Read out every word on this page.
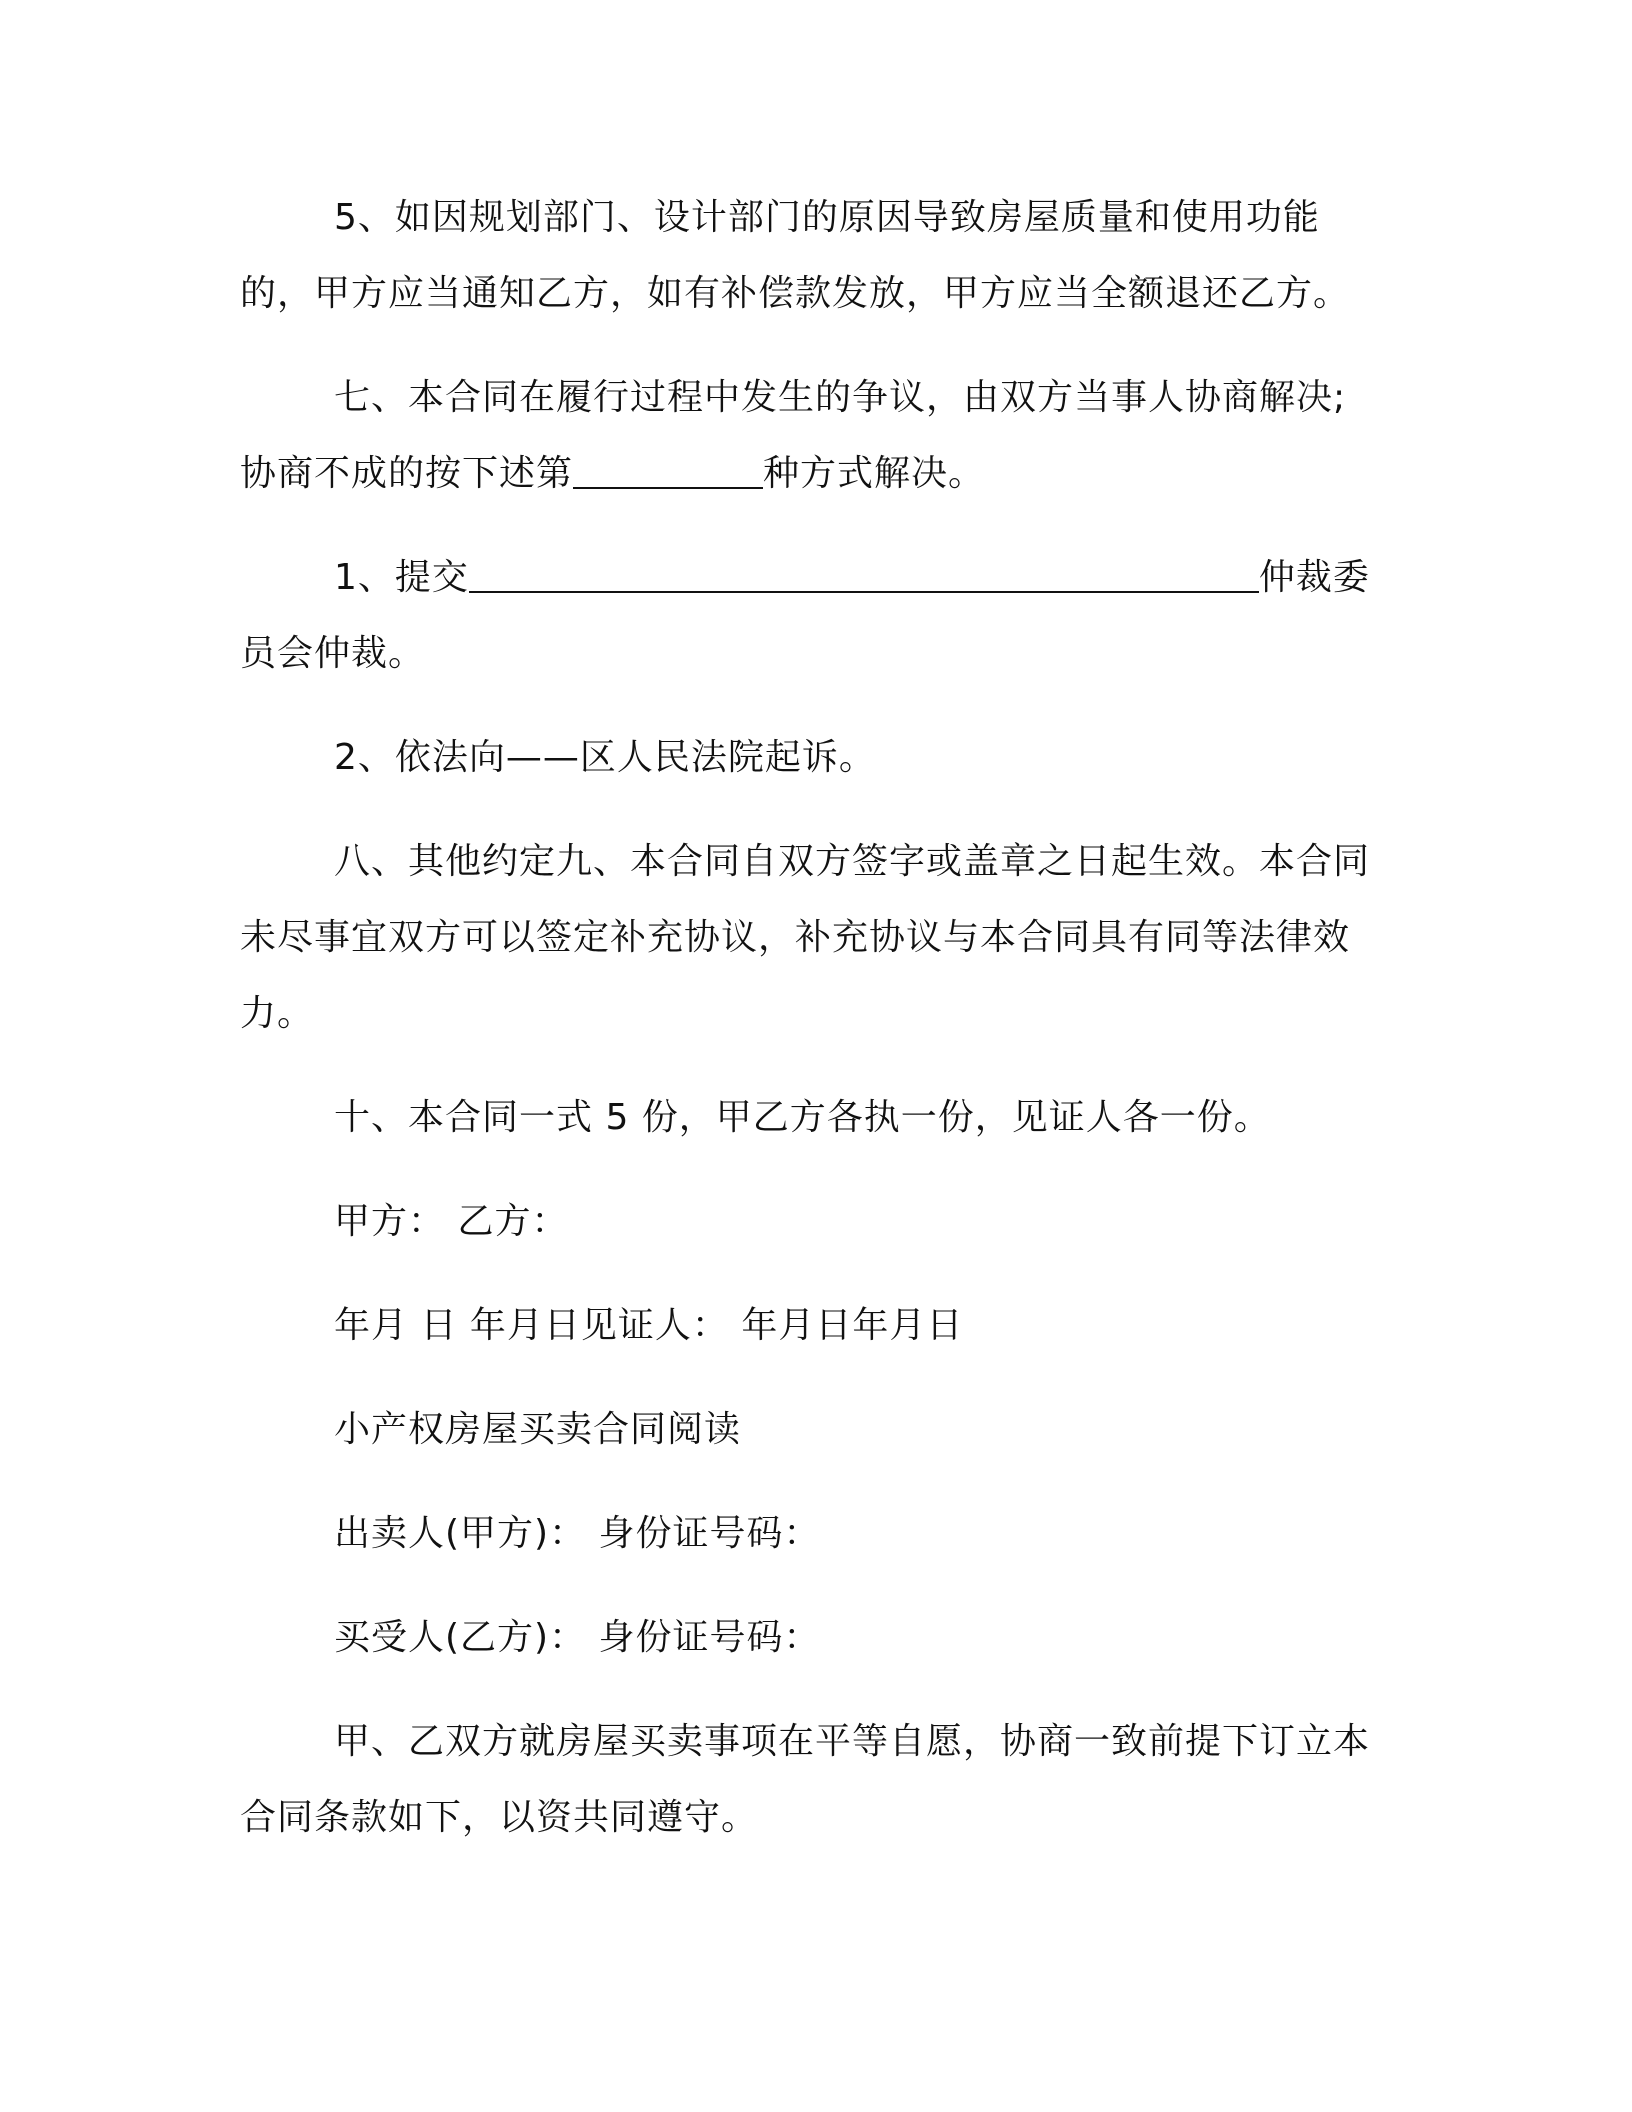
5、如因规划部门、设计部门的原因导致房屋质量和使用功能的，甲方应当通知乙方，如有补偿款发放，甲方应当全额退还乙方。

七、本合同在履行过程中发生的争议，由双方当事人协商解决;协商不成的按下述第	种方式解决。

1、提交	仲裁委员会仲裁。

2、依法向——区人民法院起诉。

八、其他约定九、本合同自双方签字或盖章之日起生效。本合同未尽事宜双方可以签定补充协议，补充协议与本合同具有同等法律效力。

十、本合同一式 5 份，甲乙方各执一份，见证人各一份。

甲方： 乙方：

年月 日 年月日见证人： 年月日年月日

小产权房屋买卖合同阅读

出卖人(甲方)： 身份证号码：

买受人(乙方)： 身份证号码：

甲、乙双方就房屋买卖事项在平等自愿，协商一致前提下订立本合同条款如下，以资共同遵守。
